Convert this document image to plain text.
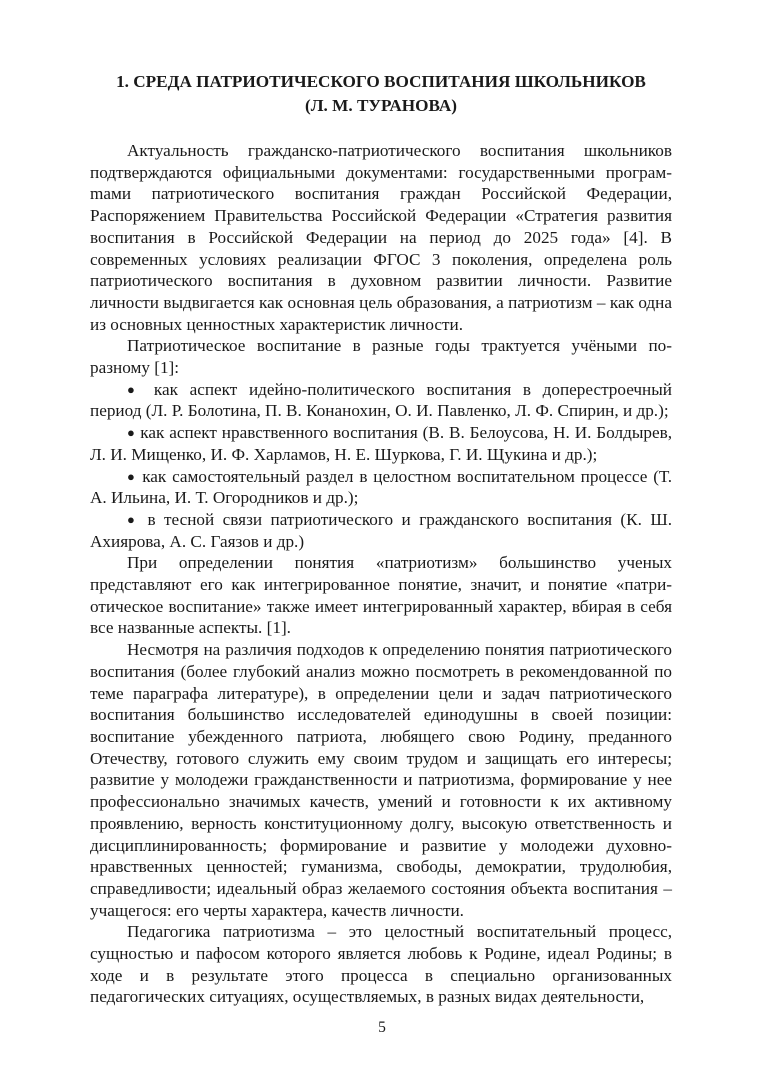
1. СРЕДА ПАТРИОТИЧЕСКОГО ВОСПИТАНИЯ ШКОЛЬНИКОВ
(Л. М. ТУРАНОВА)

Актуальность гражданско-патриотического воспитания школьников подтверждаются официальными документами: государственными програмmами патриотического воспитания граждан Российской Федерации, Распоряжением Правительства Российской Федерации «Стратегия развития воспитания в Российской Федерации на период до 2025 года» [4]. В современных условиях реализации ФГОС 3 поколения, определена роль патриотического воспитания в духовном развитии личности. Развитие личности выдвигается как основная цель образования, а патриотизм – как одна из основных ценностных характеристик личности.

Патриотическое воспитание в разные годы трактуется учёными по-разному [1]:

● как аспект идейно-политического воспитания в доперестроечный период (Л. Р. Болотина, П. В. Конанохин, О. И. Павленко, Л. Ф. Спирин, и др.);

● как аспект нравственного воспитания (В. В. Белоусова, Н. И. Болдырев, Л. И. Мищенко, И. Ф. Харламов, Н. Е. Шуркова, Г. И. Щукина и др.);

● как самостоятельный раздел в целостном воспитательном процессе (Т. А. Ильина, И. Т. Огородников и др.);

● в тесной связи патриотического и гражданского воспитания (К. Ш. Ахиярова, А. С. Гаязов и др.)

При определении понятия «патриотизм» большинство ученых представляют его как интегрированное понятие, значит, и понятие «патриотическое воспитание» также имеет интегрированный характер, вбирая в себя все названные аспекты. [1].

Несмотря на различия подходов к определению понятия патриотического воспитания (более глубокий анализ можно посмотреть в рекомендованной по теме параграфа литературе), в определении цели и задач патриотического воспитания большинство исследователей единодушны в своей позиции: воспитание убежденного патриота, любящего свою Родину, преданного Отечеству, готового служить ему своим трудом и защищать его интересы; развитие у молодежи гражданственности и патриотизма, формирование у нее профессионально значимых качеств, умений и готовности к их активному проявлению, верность конституционному долгу, высокую ответственность и дисциплинированность; формирование и развитие у молодежи духовно-нравственных ценностей; гуманизма, свободы, демократии, трудолюбия, справедливости; идеальный образ желаемого состояния объекта воспитания – учащегося: его черты характера, качеств личности.

Педагогика патриотизма – это целостный воспитательный процесс, сущностью и пафосом которого является любовь к Родине, идеал Родины; в ходе и в результате этого процесса в специально организованных педагогических ситуациях, осуществляемых, в разных видах деятельности,

5
